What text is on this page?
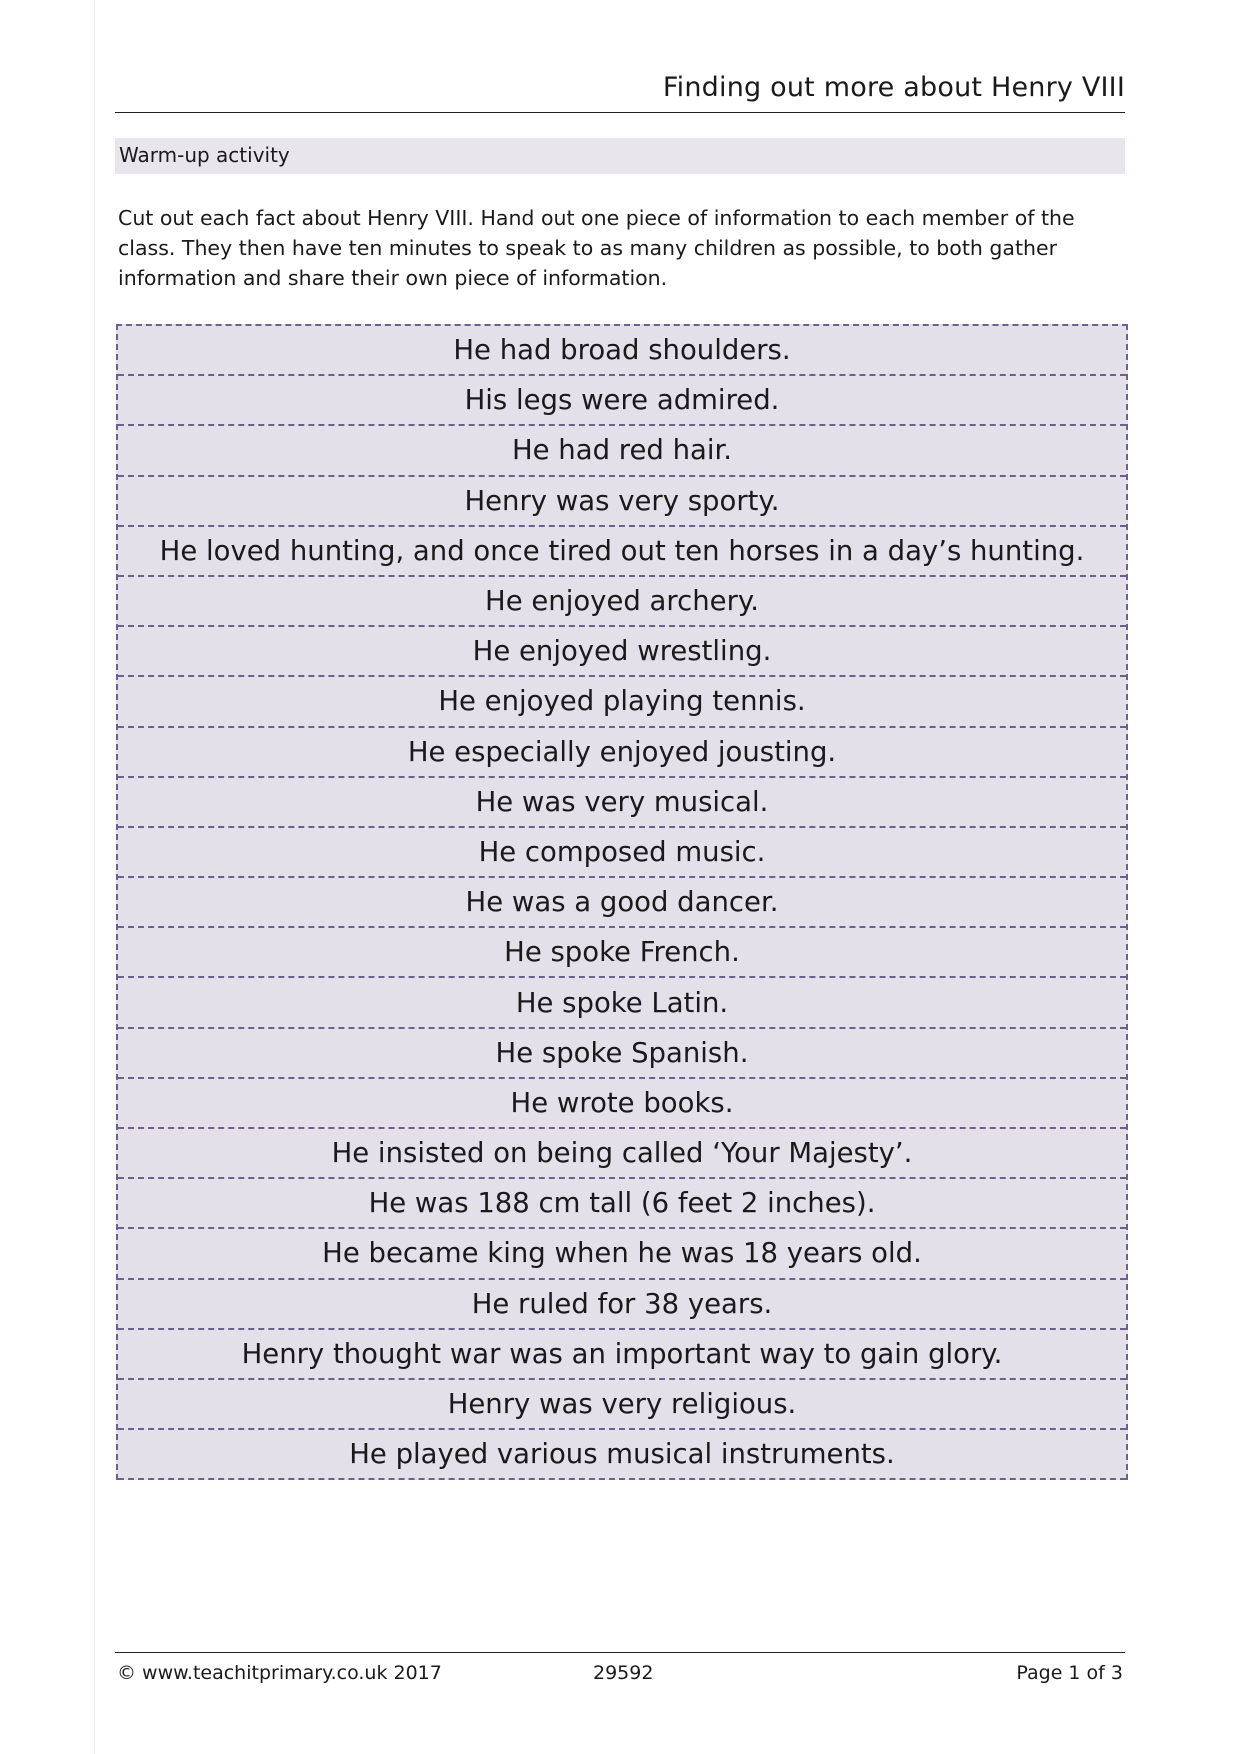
Finding out more about Henry VIII
Warm-up activity

Cut out each fact about Henry VIII. Hand out one piece of information to each member of the class. They then have ten minutes to speak to as many children as possible, to both gather information and share their own piece of information.

He had broad shoulders.
His legs were admired.
He had red hair.
Henry was very sporty.
He loved hunting, and once tired out ten horses in a day’s hunting.
He enjoyed archery.
He enjoyed wrestling.
He enjoyed playing tennis.
He especially enjoyed jousting.
He was very musical.
He composed music.
He was a good dancer.
He spoke French.
He spoke Latin.
He spoke Spanish.
He wrote books.
He insisted on being called ‘Your Majesty’.
He was 188 cm tall (6 feet 2 inches).
He became king when he was 18 years old.
He ruled for 38 years.
Henry thought war was an important way to gain glory.
Henry was very religious.
He played various musical instruments.
© www.teachitprimary.co.uk 2017	29592	Page 1 of 3
